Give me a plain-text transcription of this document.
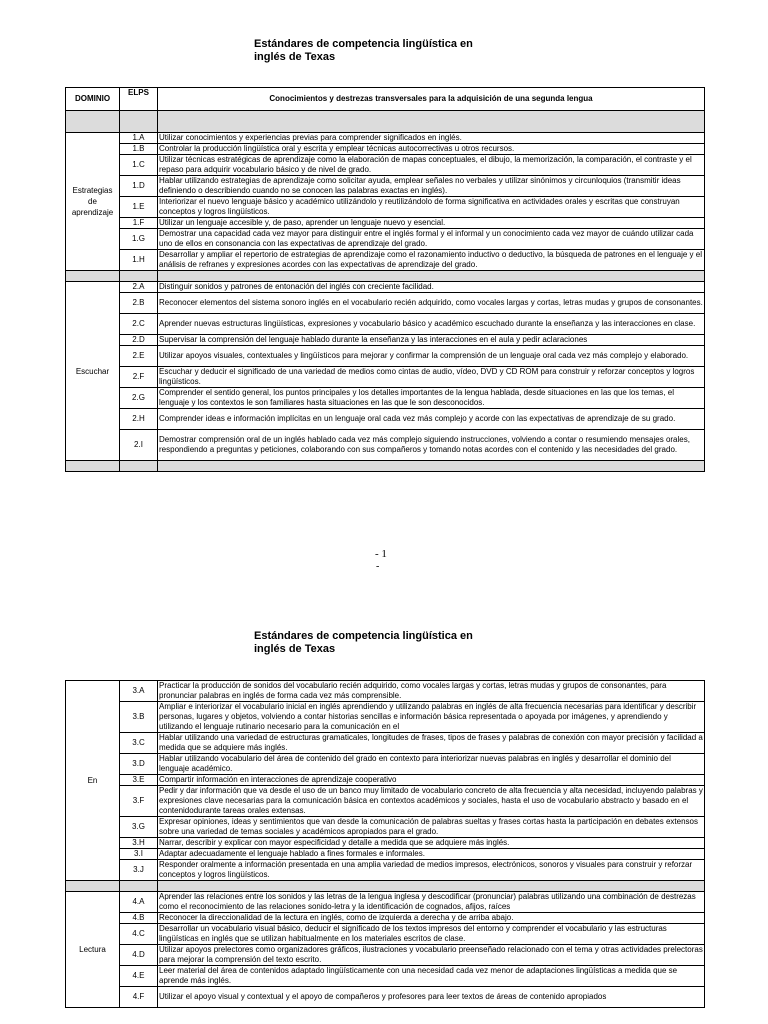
Estándares de competencia lingüística en
inglés de Texas
DOMINIO	ELPS	Conocimientos y destrezas transversales para la adquisición de una segunda lengua

Estrategias de aprendizaje	1.A	Utilizar conocimientos y experiencias previas para comprender significados en inglés.
	1.B	Controlar la producción lingüística oral y escrita y emplear técnicas autocorrectivas u otros recursos.
	1.C	Utilizar técnicas estratégicas de aprendizaje como la elaboración de mapas conceptuales, el dibujo, la memorización, la comparación, el contraste y el repaso para adquirir vocabulario básico y de nivel de grado.
	1.D	Hablar utilizando estrategias de aprendizaje como solicitar ayuda, emplear señales no verbales y utilizar sinónimos y circunloquios (transmitir ideas definiendo o describiendo cuando no se conocen las palabras exactas en inglés).
	1.E	Interiorizar el nuevo lenguaje básico y académico utilizándolo y reutilizándolo de forma significativa en actividades orales y escritas que construyan conceptos y logros lingüísticos.
	1.F	Utilizar un lenguaje accesible y, de paso, aprender un lenguaje nuevo y esencial.
	1.G	Demostrar una capacidad cada vez mayor para distinguir entre el inglés formal y el informal y un conocimiento cada vez mayor de cuándo utilizar cada uno de ellos en consonancia con las expectativas de aprendizaje del grado.
	1.H	Desarrollar y ampliar el repertorio de estrategias de aprendizaje como el razonamiento inductivo o deductivo, la búsqueda de patrones en el lenguaje y el análisis de refranes y expresiones acordes con las expectativas de aprendizaje del grado.

Escuchar	2.A	Distinguir sonidos y patrones de entonación del inglés con creciente facilidad.
	2.B	Reconocer elementos del sistema sonoro inglés en el vocabulario recién adquirido, como vocales largas y cortas, letras mudas y grupos de consonantes.
	2.C	Aprender nuevas estructuras lingüísticas, expresiones y vocabulario básico y académico escuchado durante la enseñanza y las interacciones en clase.
	2.D	Supervisar la comprensión del lenguaje hablado durante la enseñanza y las interacciones en el aula y pedir aclaraciones
	2.E	Utilizar apoyos visuales, contextuales y lingüísticos para mejorar y confirmar la comprensión de un lenguaje oral cada vez más complejo y elaborado.
	2.F	Escuchar y deducir el significado de una variedad de medios como cintas de audio, vídeo, DVD y CD ROM para construir y reforzar conceptos y logros lingüísticos.
	2.G	Comprender el sentido general, los puntos principales y los detalles importantes de la lengua hablada, desde situaciones en las que los temas, el lenguaje y los contextos le son familiares hasta situaciones en las que le son desconocidos.
	2.H	Comprender ideas e información implícitas en un lenguaje oral cada vez más complejo y acorde con las expectativas de aprendizaje de su grado.
	2.I	Demostrar comprensión oral de un inglés hablado cada vez más complejo siguiendo instrucciones, volviendo a contar o resumiendo mensajes orales, respondiendo a preguntas y peticiones, colaborando con sus compañeros y tomando notas acordes con el contenido y las necesidades del grado.

- 1
-
Estándares de competencia lingüística en
inglés de Texas
En	3.A	Practicar la producción de sonidos del vocabulario recién adquirido, como vocales largas y cortas, letras mudas y grupos de consonantes, para pronunciar palabras en inglés de forma cada vez más comprensible.
	3.B	Ampliar e interiorizar el vocabulario inicial en inglés aprendiendo y utilizando palabras en inglés de alta frecuencia necesarias para identificar y describir personas, lugares y objetos, volviendo a contar historias sencillas e información básica representada o apoyada por imágenes, y aprendiendo y utilizando el lenguaje rutinario necesario para la comunicación en el
	3.C	Hablar utilizando una variedad de estructuras gramaticales, longitudes de frases, tipos de frases y palabras de conexión con mayor precisión y facilidad a medida que se adquiere más inglés.
	3.D	Hablar utilizando vocabulario del área de contenido del grado en contexto para interiorizar nuevas palabras en inglés y desarrollar el dominio del lenguaje académico.
	3.E	Compartir información en interacciones de aprendizaje cooperativo
	3.F	Pedir y dar información que va desde el uso de un banco muy limitado de vocabulario concreto de alta frecuencia y alta necesidad, incluyendo palabras y expresiones clave necesarias para la comunicación básica en contextos académicos y sociales, hasta el uso de vocabulario abstracto y basado en el contenidodurante tareas orales extensas.
	3.G	Expresar opiniones, ideas y sentimientos que van desde la comunicación de palabras sueltas y frases cortas hasta la participación en debates extensos sobre una variedad de temas sociales y académicos apropiados para el grado.
	3.H	Narrar, describir y explicar con mayor especificidad y detalle a medida que se adquiere más inglés.
	3.I	Adaptar adecuadamente el lenguaje hablado a fines formales e informales.
	3.J	Responder oralmente a información presentada en una amplia variedad de medios impresos, electrónicos, sonoros y visuales para construir y reforzar conceptos y logros lingüísticos.

Lectura	4.A	Aprender las relaciones entre los sonidos y las letras de la lengua inglesa y descodificar (pronunciar) palabras utilizando una combinación de destrezas como el reconocimiento de las relaciones sonido-letra y la identificación de cognados, afijos, raíces
	4.B	Reconocer la direccionalidad de la lectura en inglés, como de izquierda a derecha y de arriba abajo.
	4.C	Desarrollar un vocabulario visual básico, deducir el significado de los textos impresos del entorno y comprender el vocabulario y las estructuras lingüísticas en inglés que se utilizan habitualmente en los materiales escritos de clase.
	4.D	Utilizar apoyos prelectores como organizadores gráficos, ilustraciones y vocabulario preenseñado relacionado con el tema y otras actividades prelectoras para mejorar la comprensión del texto escrito.
	4.E	Leer material del área de contenidos adaptado lingüísticamente con una necesidad cada vez menor de adaptaciones lingüísticas a medida que se aprende más inglés.
	4.F	Utilizar el apoyo visual y contextual y el apoyo de compañeros y profesores para leer textos de áreas de contenido apropiados
